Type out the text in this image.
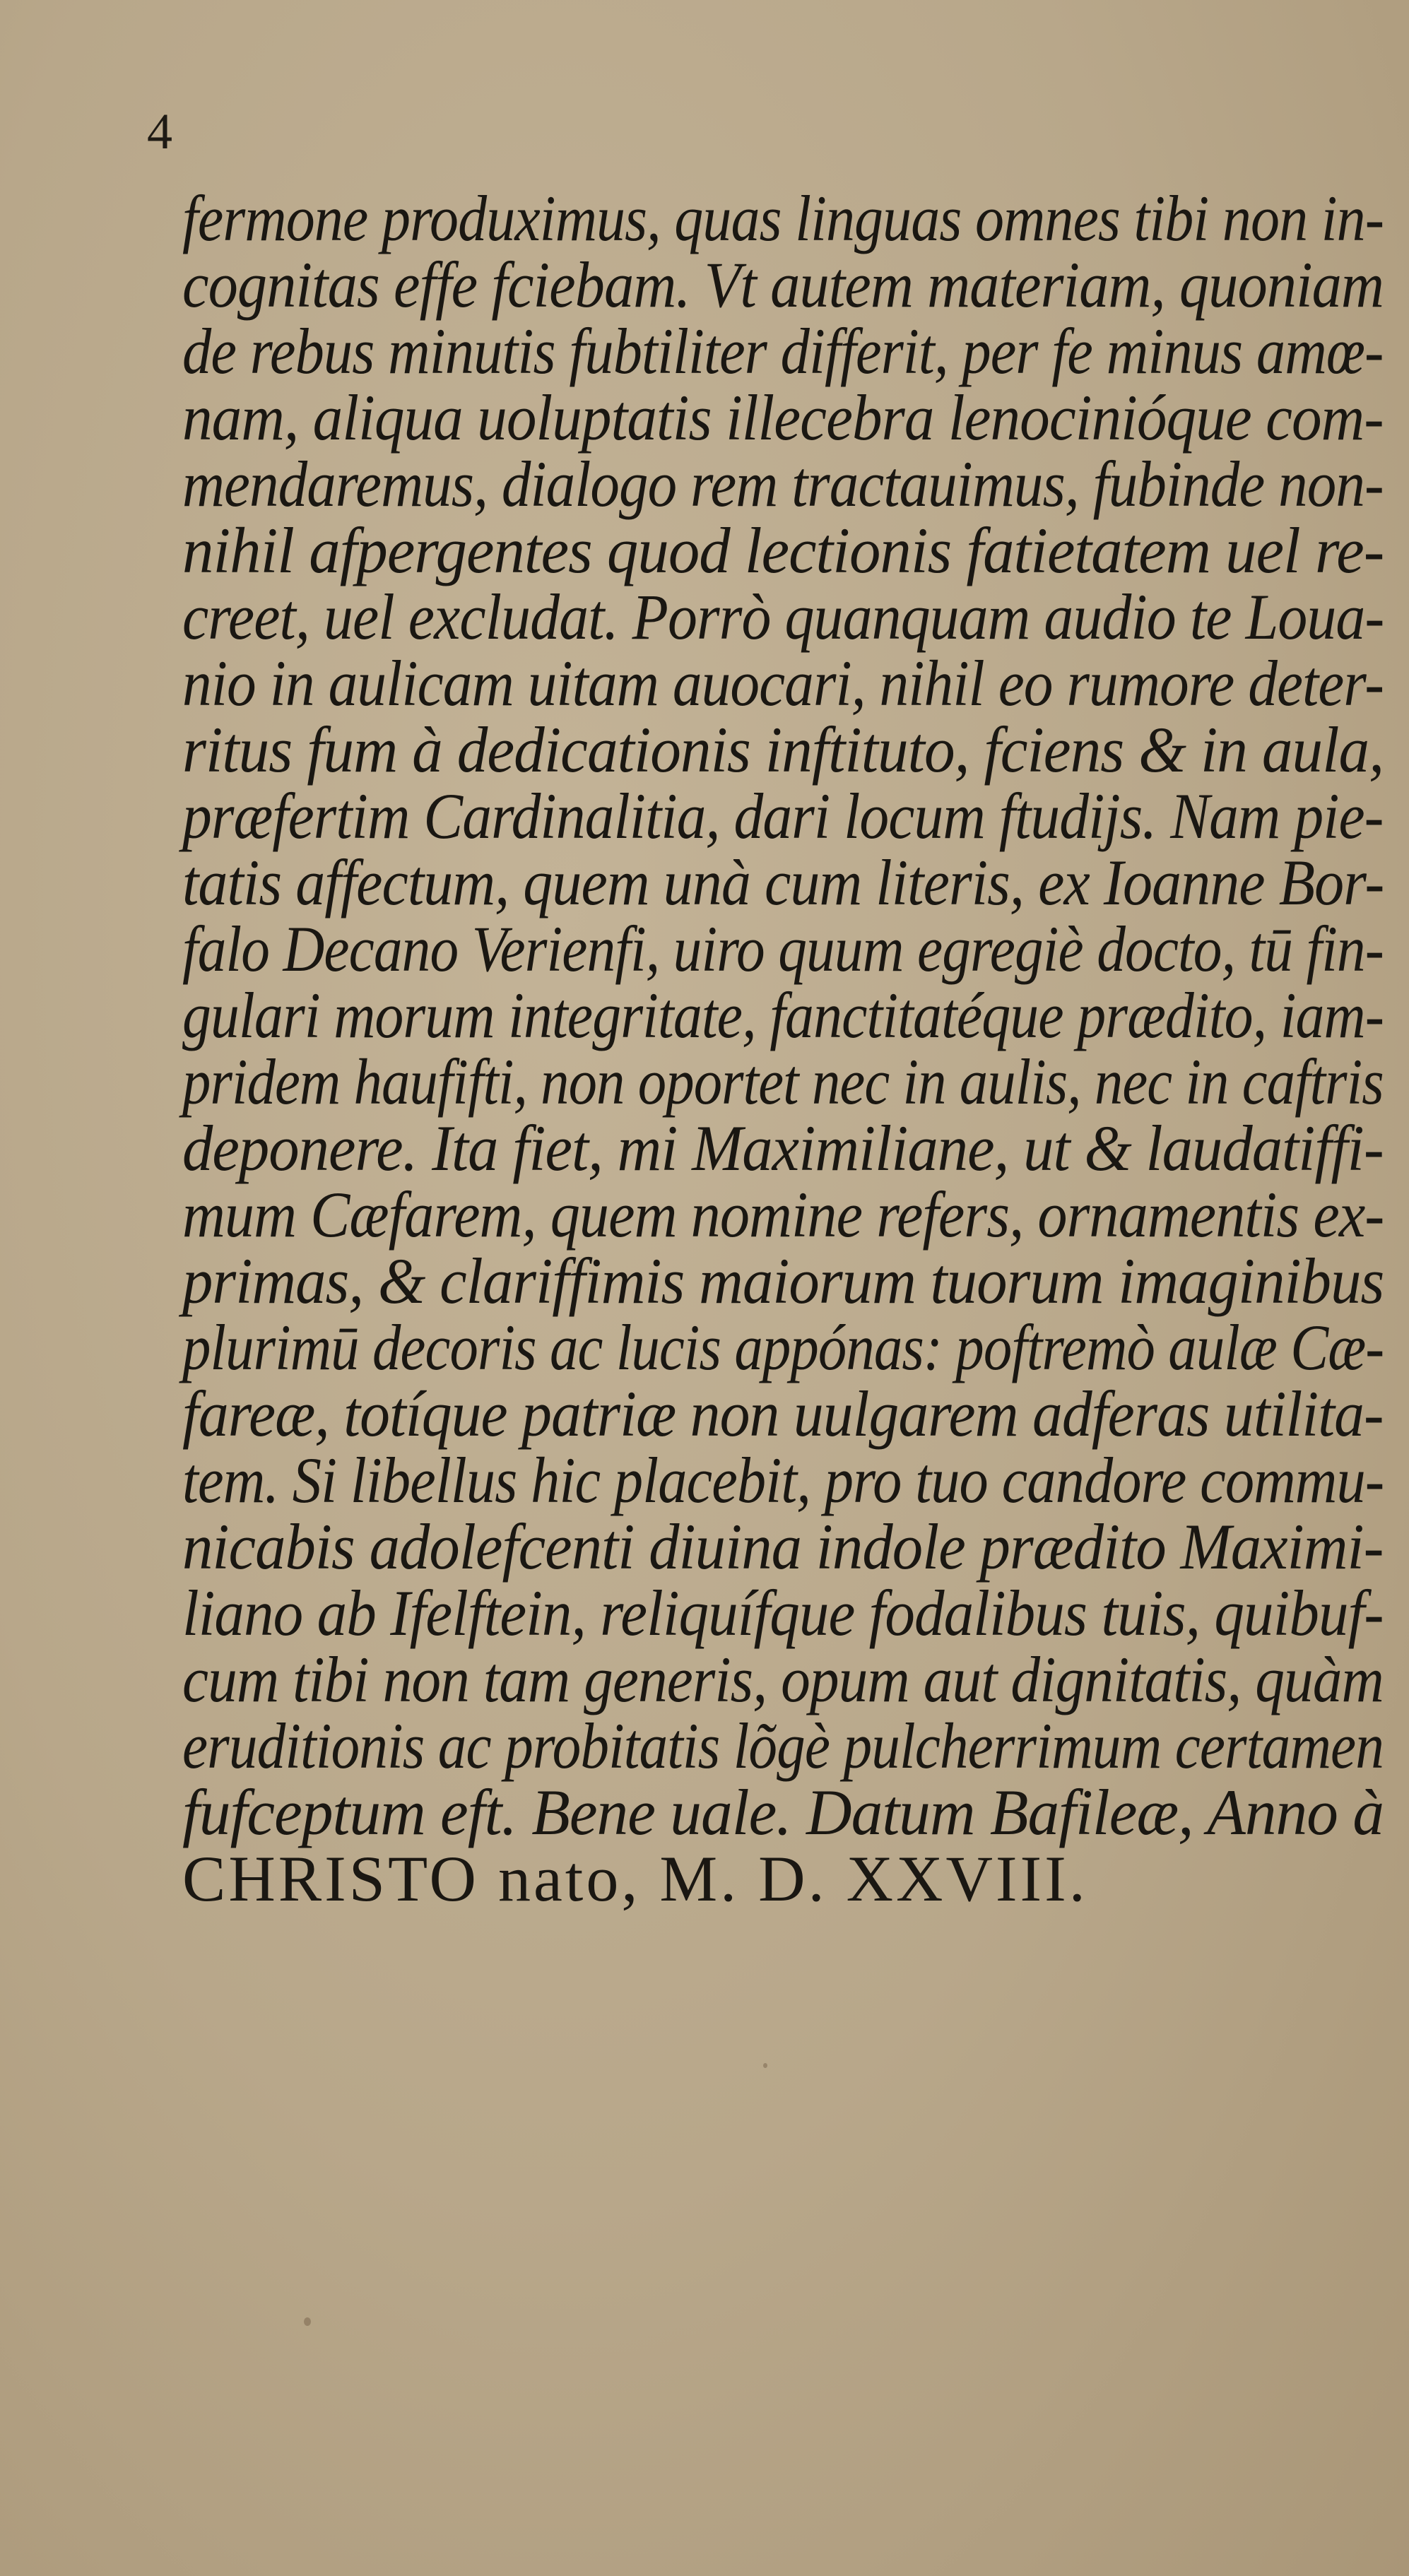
4
fermone produximus, quas linguas omnes tibi non in-
cognitas effe fciebam. Vt autem materiam, quoniam
de rebus minutis fubtiliter differit, per fe minus amœ-
nam, aliqua uoluptatis illecebra lenocinióque com-
mendaremus, dialogo rem tractauimus, fubinde non-
nihil afpergentes quod lectionis fatietatem uel re-
creet, uel excludat. Porrò quanquam audio te Loua-
nio in aulicam uitam auocari, nihil eo rumore deter-
ritus fum à dedicationis inftituto, fciens & in aula,
præfertim Cardinalitia, dari locum ftudijs. Nam pie-
tatis affectum, quem unà cum literis, ex Ioanne Bor-
falo Decano Verienfi, uiro quum egregiè docto, tū fin-
gulari morum integritate, fanctitatéque prædito, iam-
pridem haufifti, non oportet nec in aulis, nec in caftris
deponere. Ita fiet, mi Maximiliane, ut & laudatiffi-
mum Cæfarem, quem nomine refers, ornamentis ex-
primas, & clariffimis maiorum tuorum imaginibus
plurimū decoris ac lucis appónas: poftremò aulæ Cæ-
fareæ, totíque patriæ non uulgarem adferas utilita-
tem. Si libellus hic placebit, pro tuo candore commu-
nicabis adolefcenti diuina indole prædito Maximi-
liano ab Ifelftein, reliquífque fodalibus tuis, quibuf-
cum tibi non tam generis, opum aut dignitatis, quàm
eruditionis ac probitatis lõgè pulcherrimum certamen
fufceptum eft. Bene uale. Datum Bafileæ, Anno à
CHRISTO nato, M. D. XXVIII.
